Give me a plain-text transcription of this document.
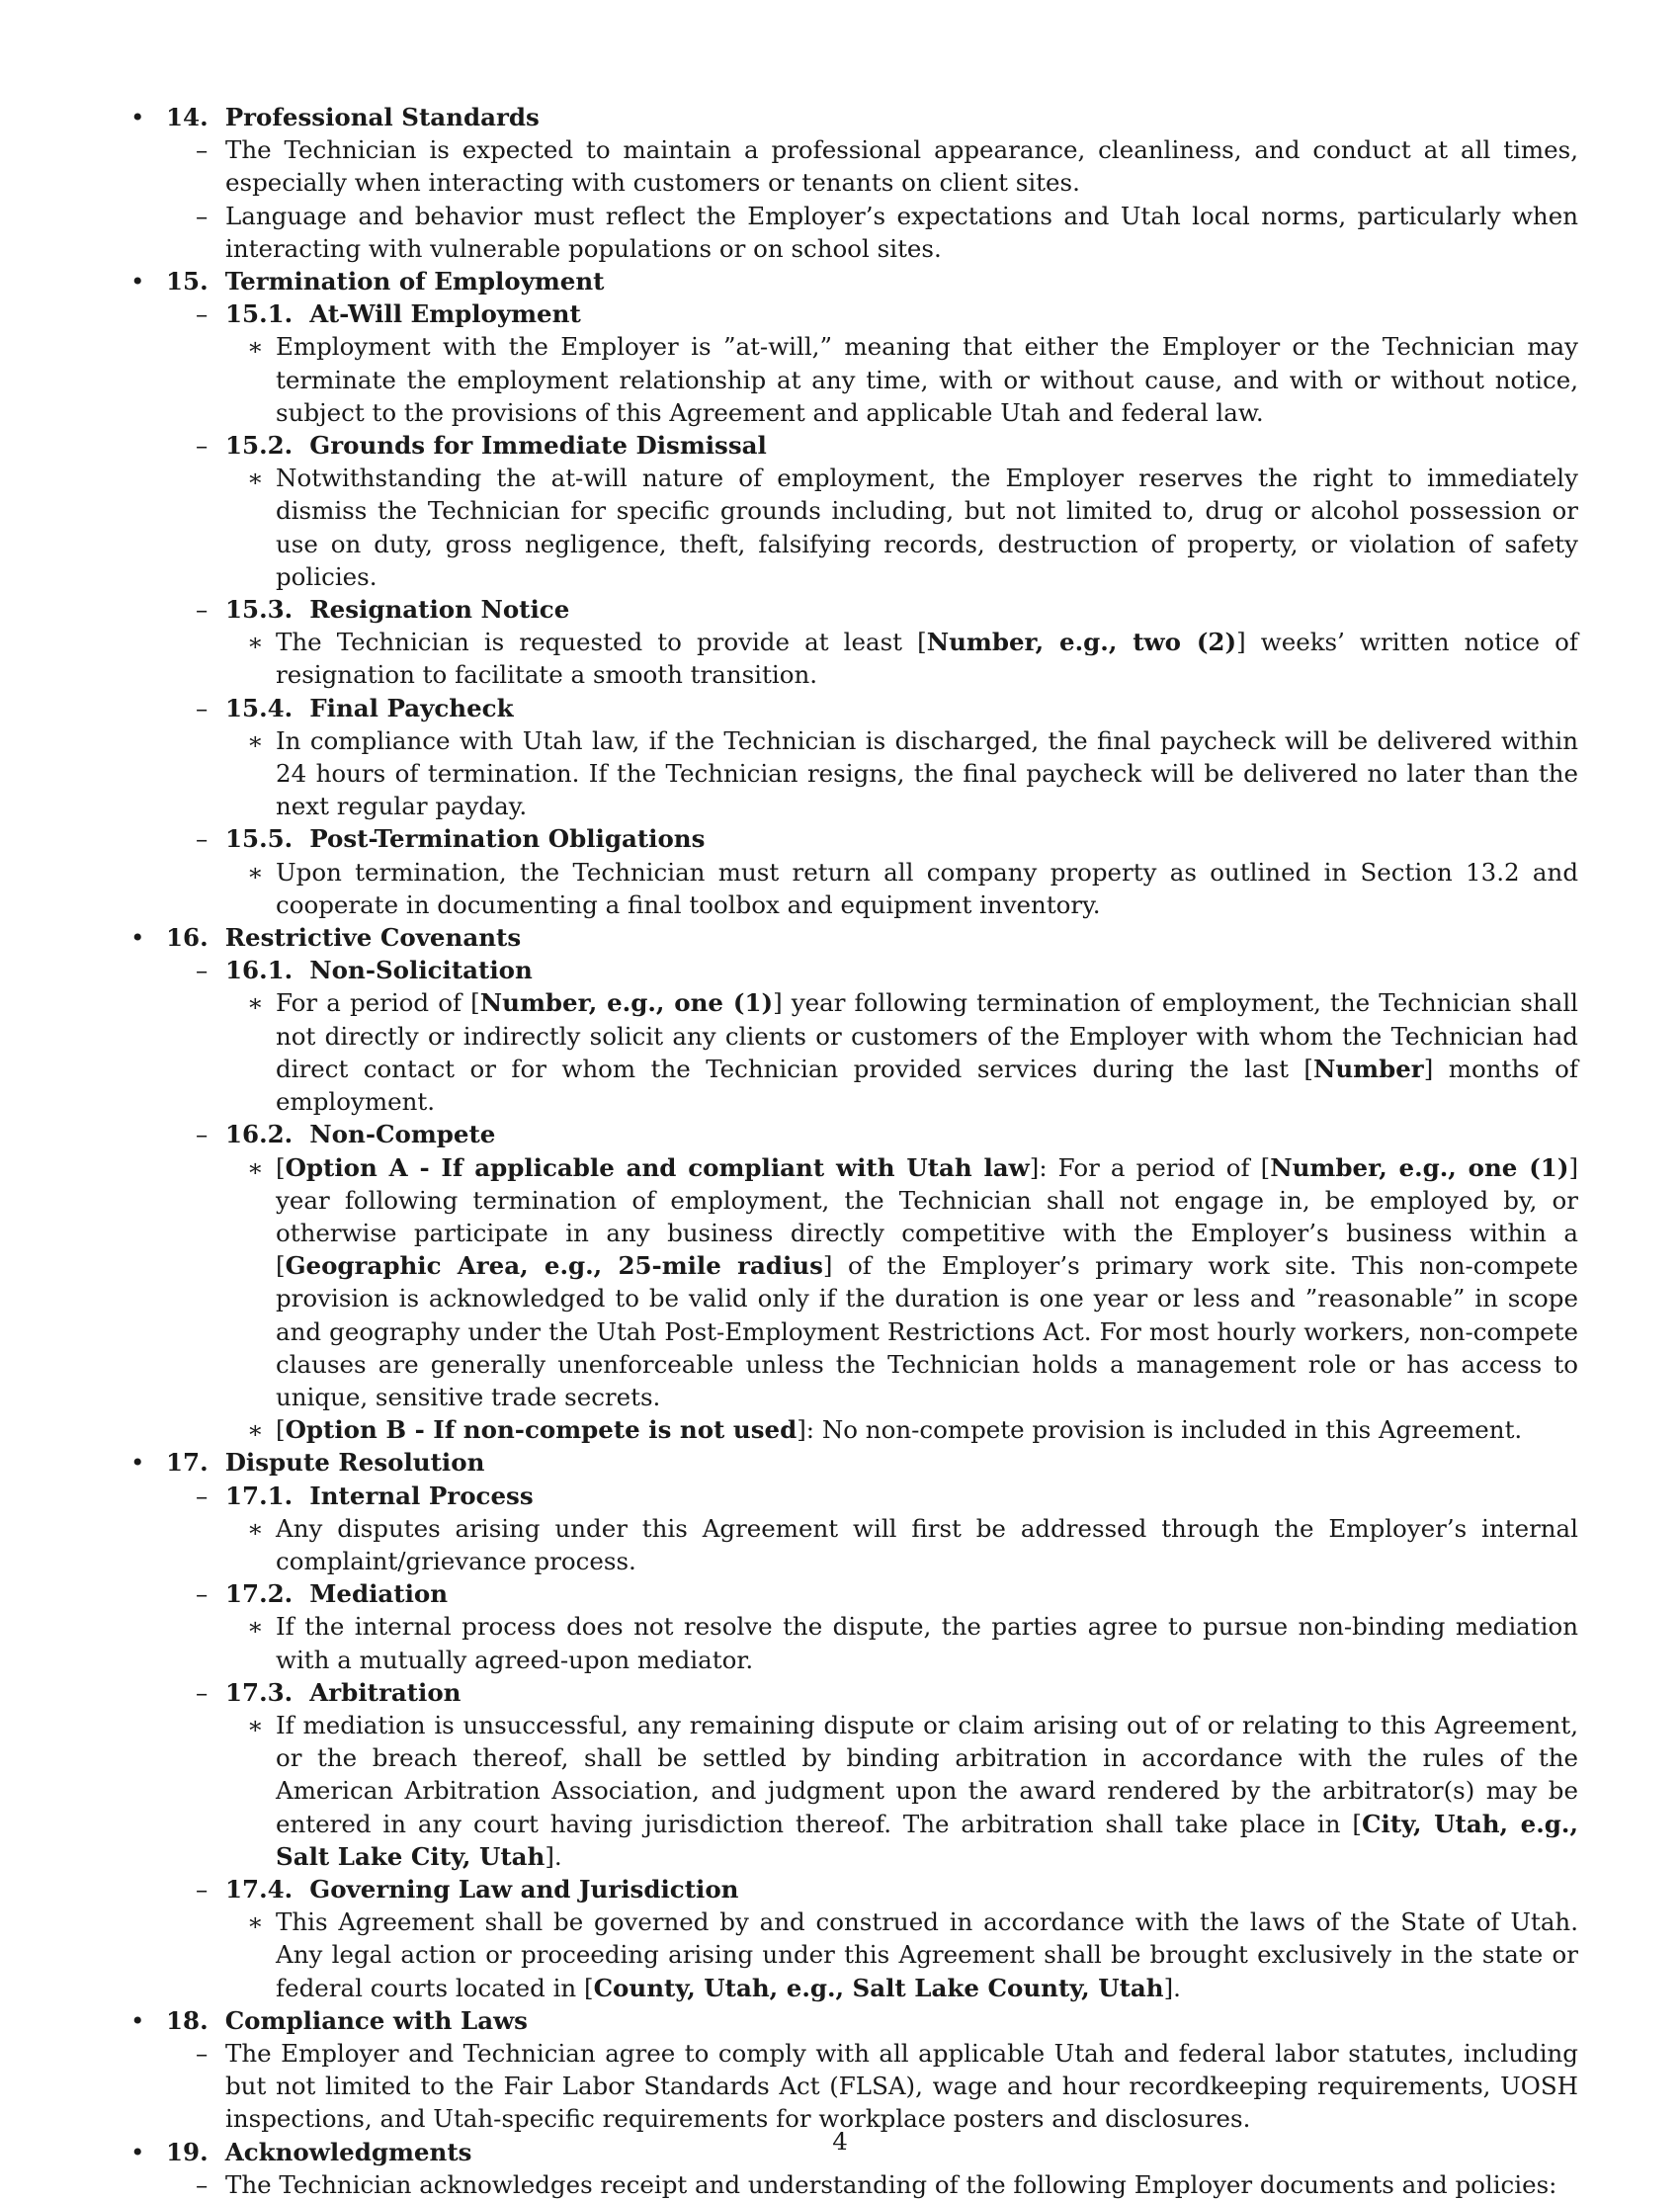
• 14. Professional Standards
– The Technician is expected to maintain a professional appearance, cleanliness, and conduct at all times, especially when interacting with customers or tenants on client sites.
– Language and behavior must reflect the Employer’s expectations and Utah local norms, particularly when interacting with vulnerable populations or on school sites.
• 15. Termination of Employment
– 15.1. At-Will Employment
∗ Employment with the Employer is ”at-will,” meaning that either the Employer or the Technician may terminate the employment relationship at any time, with or without cause, and with or without notice, subject to the provisions of this Agreement and applicable Utah and federal law.
– 15.2. Grounds for Immediate Dismissal
∗ Notwithstanding the at-will nature of employment, the Employer reserves the right to immediately dismiss the Technician for specific grounds including, but not limited to, drug or alcohol possession or use on duty, gross negligence, theft, falsifying records, destruction of property, or violation of safety policies.
– 15.3. Resignation Notice
∗ The Technician is requested to provide at least [Number, e.g., two (2)] weeks’ written notice of resignation to facilitate a smooth transition.
– 15.4. Final Paycheck
∗ In compliance with Utah law, if the Technician is discharged, the final paycheck will be delivered within 24 hours of termination. If the Technician resigns, the final paycheck will be delivered no later than the next regular payday.
– 15.5. Post-Termination Obligations
∗ Upon termination, the Technician must return all company property as outlined in Section 13.2 and cooperate in documenting a final toolbox and equipment inventory.
• 16. Restrictive Covenants
– 16.1. Non-Solicitation
∗ For a period of [Number, e.g., one (1)] year following termination of employment, the Technician shall not directly or indirectly solicit any clients or customers of the Employer with whom the Technician had direct contact or for whom the Technician provided services during the last [Number] months of employment.
– 16.2. Non-Compete
∗ [Option A - If applicable and compliant with Utah law]: For a period of [Number, e.g., one (1)] year following termination of employment, the Technician shall not engage in, be employed by, or otherwise participate in any business directly competitive with the Employer’s business within a [Geographic Area, e.g., 25-mile radius] of the Employer’s primary work site. This non-compete provision is acknowledged to be valid only if the duration is one year or less and ”reasonable” in scope and geography under the Utah Post-Employment Restrictions Act. For most hourly workers, non-compete clauses are generally unenforceable unless the Technician holds a management role or has access to unique, sensitive trade secrets.
∗ [Option B - If non-compete is not used]: No non-compete provision is included in this Agreement.
• 17. Dispute Resolution
– 17.1. Internal Process
∗ Any disputes arising under this Agreement will first be addressed through the Employer’s internal complaint/grievance process.
– 17.2. Mediation
∗ If the internal process does not resolve the dispute, the parties agree to pursue non-binding mediation with a mutually agreed-upon mediator.
– 17.3. Arbitration
∗ If mediation is unsuccessful, any remaining dispute or claim arising out of or relating to this Agreement, or the breach thereof, shall be settled by binding arbitration in accordance with the rules of the American Arbitration Association, and judgment upon the award rendered by the arbitrator(s) may be entered in any court having jurisdiction thereof. The arbitration shall take place in [City, Utah, e.g., Salt Lake City, Utah].
– 17.4. Governing Law and Jurisdiction
∗ This Agreement shall be governed by and construed in accordance with the laws of the State of Utah. Any legal action or proceeding arising under this Agreement shall be brought exclusively in the state or federal courts located in [County, Utah, e.g., Salt Lake County, Utah].
• 18. Compliance with Laws
– The Employer and Technician agree to comply with all applicable Utah and federal labor statutes, including but not limited to the Fair Labor Standards Act (FLSA), wage and hour recordkeeping requirements, UOSH inspections, and Utah-specific requirements for workplace posters and disclosures.
• 19. Acknowledgments
– The Technician acknowledges receipt and understanding of the following Employer documents and policies:
4
